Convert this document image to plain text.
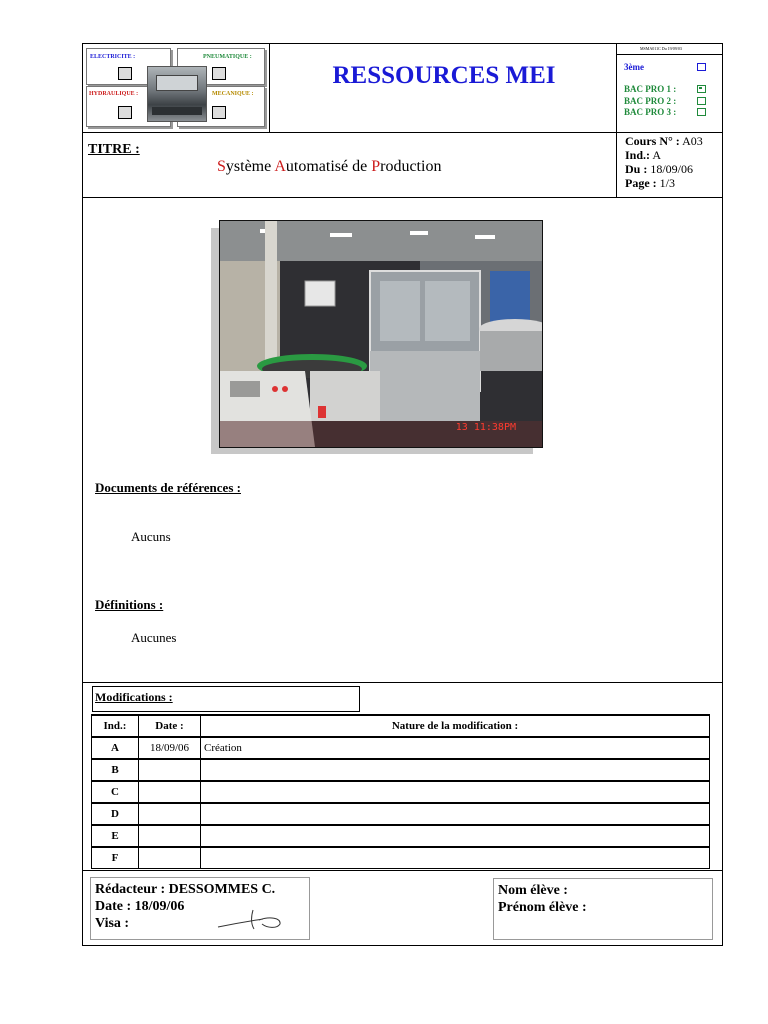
ELECTRICITE :	PNEUMATIQUE :
HYDRAULIQUE :	MECANIQUE :
RESSOURCES MEI
MSMA011C Du 19/09/03
3ème
BAC PRO 1 :
BAC PRO 2 :
BAC PRO 3 :
TITRE :
Système Automatisé de Production
Cours N° : A03
Ind.: A
Du : 18/09/06
Page : 1/3
13 11:38PM
Documents de références :
Aucuns
Définitions :
Aucunes
Modifications :
Ind.:	Date :	Nature de la modification :
A	18/09/06	Création
B		
C		
D		
E		
F		
Rédacteur : DESSOMMES C.
Date : 18/09/06
Visa :
Nom élève :
Prénom élève :
